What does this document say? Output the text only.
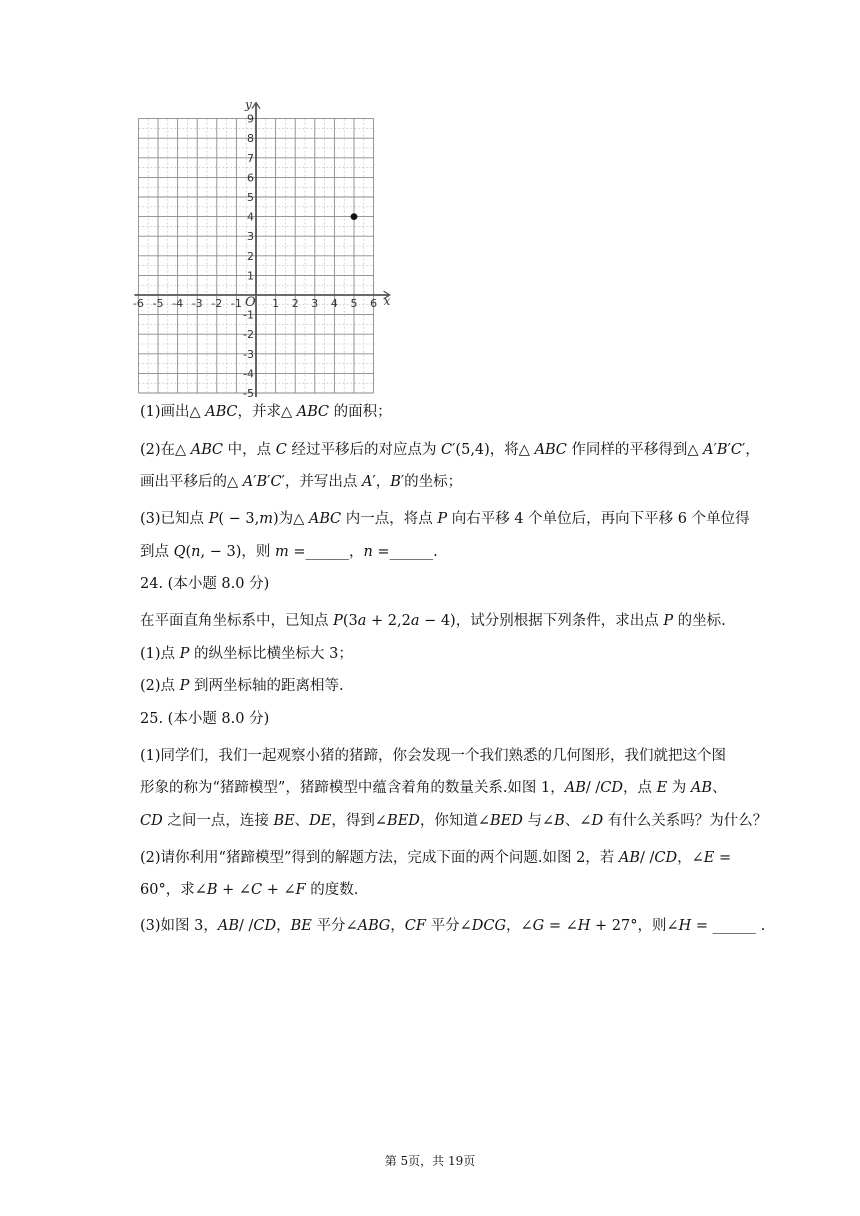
x
y
O
-6 -5 -4 -3 -2 -1	1 2 3 4 5 6
9
8
7
6
5
4
3
2
1
-1
-2
-3
-4
-5
(1)画出△ 𝐴𝐵𝐶，并求△ 𝐴𝐵𝐶 的面积；
(2)在△ 𝐴𝐵𝐶 中，点 𝐶 经过平移后的对应点为 𝐶′(5,4)，将△ 𝐴𝐵𝐶 作同样的平移得到△ 𝐴′𝐵′𝐶′，
画出平移后的△ 𝐴′𝐵′𝐶′，并写出点 𝐴′，𝐵′的坐标；
(3)已知点 𝑃( − 3,𝑚)为△ 𝐴𝐵𝐶 内一点，将点 𝑃 向右平移 4 个单位后，再向下平移 6 个单位得
到点 𝑄(𝑛, − 3)，则 𝑚 =______，𝑛 =______.
24. (本小题 8.0 分)
在平面直角坐标系中，已知点 𝑃(3𝑎 + 2,2𝑎 − 4)，试分别根据下列条件，求出点 𝑃 的坐标.
(1)点 𝑃 的纵坐标比横坐标大 3；
(2)点 𝑃 到两坐标轴的距离相等.
25. (本小题 8.0 分)
(1)同学们，我们一起观察小猪的猪蹄，你会发现一个我们熟悉的几何图形，我们就把这个图
形象的称为“猪蹄模型”，猪蹄模型中蕴含着角的数量关系.如图 1，𝐴𝐵/ /𝐶𝐷，点 𝐸 为 𝐴𝐵、
𝐶𝐷 之间一点，连接 𝐵𝐸、𝐷𝐸，得到∠𝐵𝐸𝐷，你知道∠𝐵𝐸𝐷 与∠𝐵、∠𝐷 有什么关系吗？为什么？
(2)请你利用“猪蹄模型”得到的解题方法，完成下面的两个问题.如图 2，若 𝐴𝐵/ /𝐶𝐷，∠𝐸 =
60°，求∠𝐵 + ∠𝐶 + ∠𝐹 的度数.
(3)如图 3，𝐴𝐵/ /𝐶𝐷，𝐵𝐸 平分∠𝐴𝐵𝐺，𝐶𝐹 平分∠𝐷𝐶𝐺，∠𝐺 = ∠𝐻 + 27°，则∠𝐻 = ______ .
第 5页，共 19页
